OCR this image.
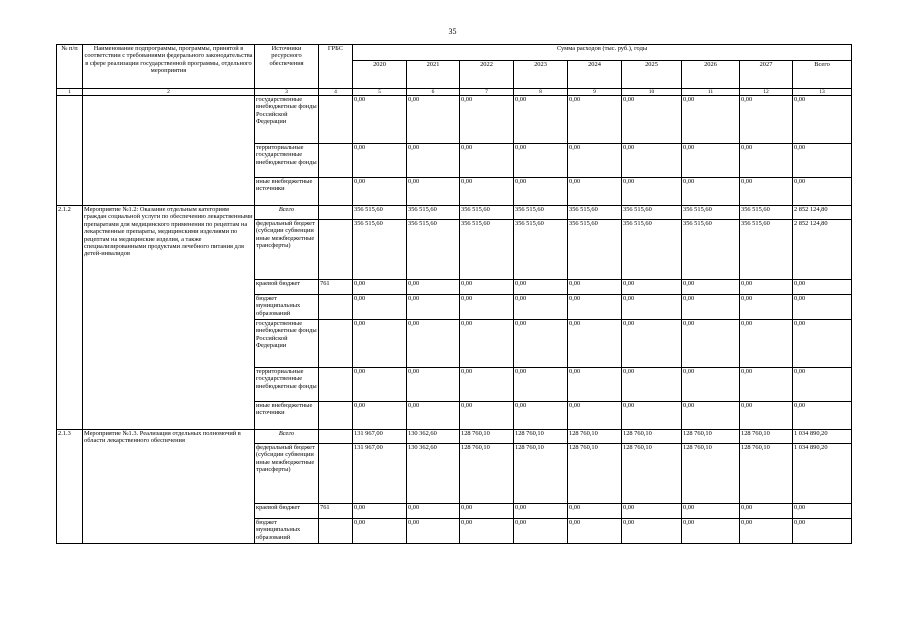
35
№ п/п	Наименование подпрограммы, программы, принятой в соответствии с требованиями федерального законодательства в сфере реализации государственной программы, отдельного мероприятия	Источники ресурсного обеспечения	ГРБС	Сумма расходов (тыс. руб.), годы								
				2020	2021	2022	2023	2024	2025	2026	2027	Всего
1	2	3	4	5	6	7	8	9	10	11	12	13
		государственные внебюджетные фонды Российской Федерации		0,00	0,00	0,00	0,00	0,00	0,00	0,00	0,00	0,00
		территориальные государственные внебюджетные фонды		0,00	0,00	0,00	0,00	0,00	0,00	0,00	0,00	0,00
		иные внебюджетные источники		0,00	0,00	0,00	0,00	0,00	0,00	0,00	0,00	0,00
2.1.2	Мероприятие №1.2: Оказание отдельным категориям граждан социальной услуги по обеспечению лекарственными препаратами для медицинского применения по рецептам на лекарственные препараты, медицинскими изделиями по рецептам на медицинские изделия, а также специализированными продуктами лечебного питания для детей-инвалидов	Всего		356 515,60	356 515,60	356 515,60	356 515,60	356 515,60	356 515,60	356 515,60	356 515,60	2 852 124,80
		федеральный бюджет (субсидии субвенции иные межбюджетные трансферты)		356 515,60	356 515,60	356 515,60	356 515,60	356 515,60	356 515,60	356 515,60	356 515,60	2 852 124,80
		краевой бюджет	761	0,00	0,00	0,00	0,00	0,00	0,00	0,00	0,00	0,00
		бюджет муниципальных образований		0,00	0,00	0,00	0,00	0,00	0,00	0,00	0,00	0,00
		государственные внебюджетные фонды Российской Федерации		0,00	0,00	0,00	0,00	0,00	0,00	0,00	0,00	0,00
		территориальные государственные внебюджетные фонды		0,00	0,00	0,00	0,00	0,00	0,00	0,00	0,00	0,00
		иные внебюджетные источники		0,00	0,00	0,00	0,00	0,00	0,00	0,00	0,00	0,00
2.1.3	Мероприятие №1.3. Реализация отдельных полномочий в области лекарственного обеспечения	Всего		131 967,00	130 362,60	128 760,10	128 760,10	128 760,10	128 760,10	128 760,10	128 760,10	1 034 890,20
		федеральный бюджет (субсидии субвенции иные межбюджетные трансферты)		131 967,00	130 362,60	128 760,10	128 760,10	128 760,10	128 760,10	128 760,10	128 760,10	1 034 890,20
		краевой бюджет	761	0,00	0,00	0,00	0,00	0,00	0,00	0,00	0,00	0,00
		бюджет муниципальных образований		0,00	0,00	0,00	0,00	0,00	0,00	0,00	0,00	0,00
